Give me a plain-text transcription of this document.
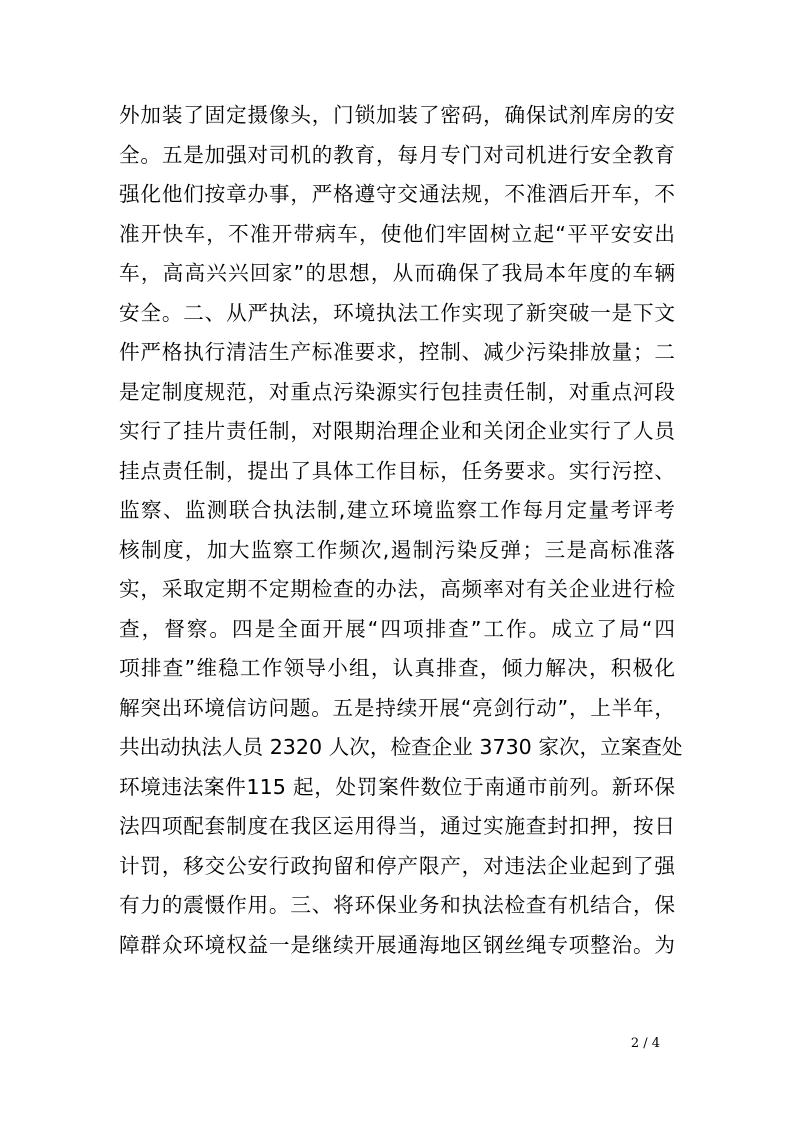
外加装了固定摄像头，门锁加装了密码，确保试剂库房的安
全。五是加强对司机的教育，每月专门对司机进行安全教育
强化他们按章办事，严格遵守交通法规，不准酒后开车，不
准开快车，不准开带病车，使他们牢固树立起“平平安安出
车，高高兴兴回家”的思想，从而确保了我局本年度的车辆
安全。二、从严执法，环境执法工作实现了新突破一是下文
件严格执行清洁生产标准要求，控制、减少污染排放量；二
是定制度规范，对重点污染源实行包挂责任制，对重点河段
实行了挂片责任制，对限期治理企业和关闭企业实行了人员
挂点责任制，提出了具体工作目标，任务要求。实行污控、
监察、监测联合执法制,建立环境监察工作每月定量考评考
核制度，加大监察工作频次,遏制污染反弹；三是高标准落
实，采取定期不定期检查的办法，高频率对有关企业进行检
查，督察。四是全面开展“四项排查”工作。成立了局“四
项排查”维稳工作领导小组，认真排查，倾力解决，积极化
解突出环境信访问题。五是持续开展“亮剑行动”，上半年，
共出动执法人员 2320 人次，检查企业 3730 家次，立案查处
环境违法案件115 起，处罚案件数位于南通市前列。新环保
法四项配套制度在我区运用得当，通过实施查封扣押，按日
计罚，移交公安行政拘留和停产限产，对违法企业起到了强
有力的震慑作用。三、将环保业务和执法检查有机结合，保
障群众环境权益一是继续开展通海地区钢丝绳专项整治。为
2 / 4
